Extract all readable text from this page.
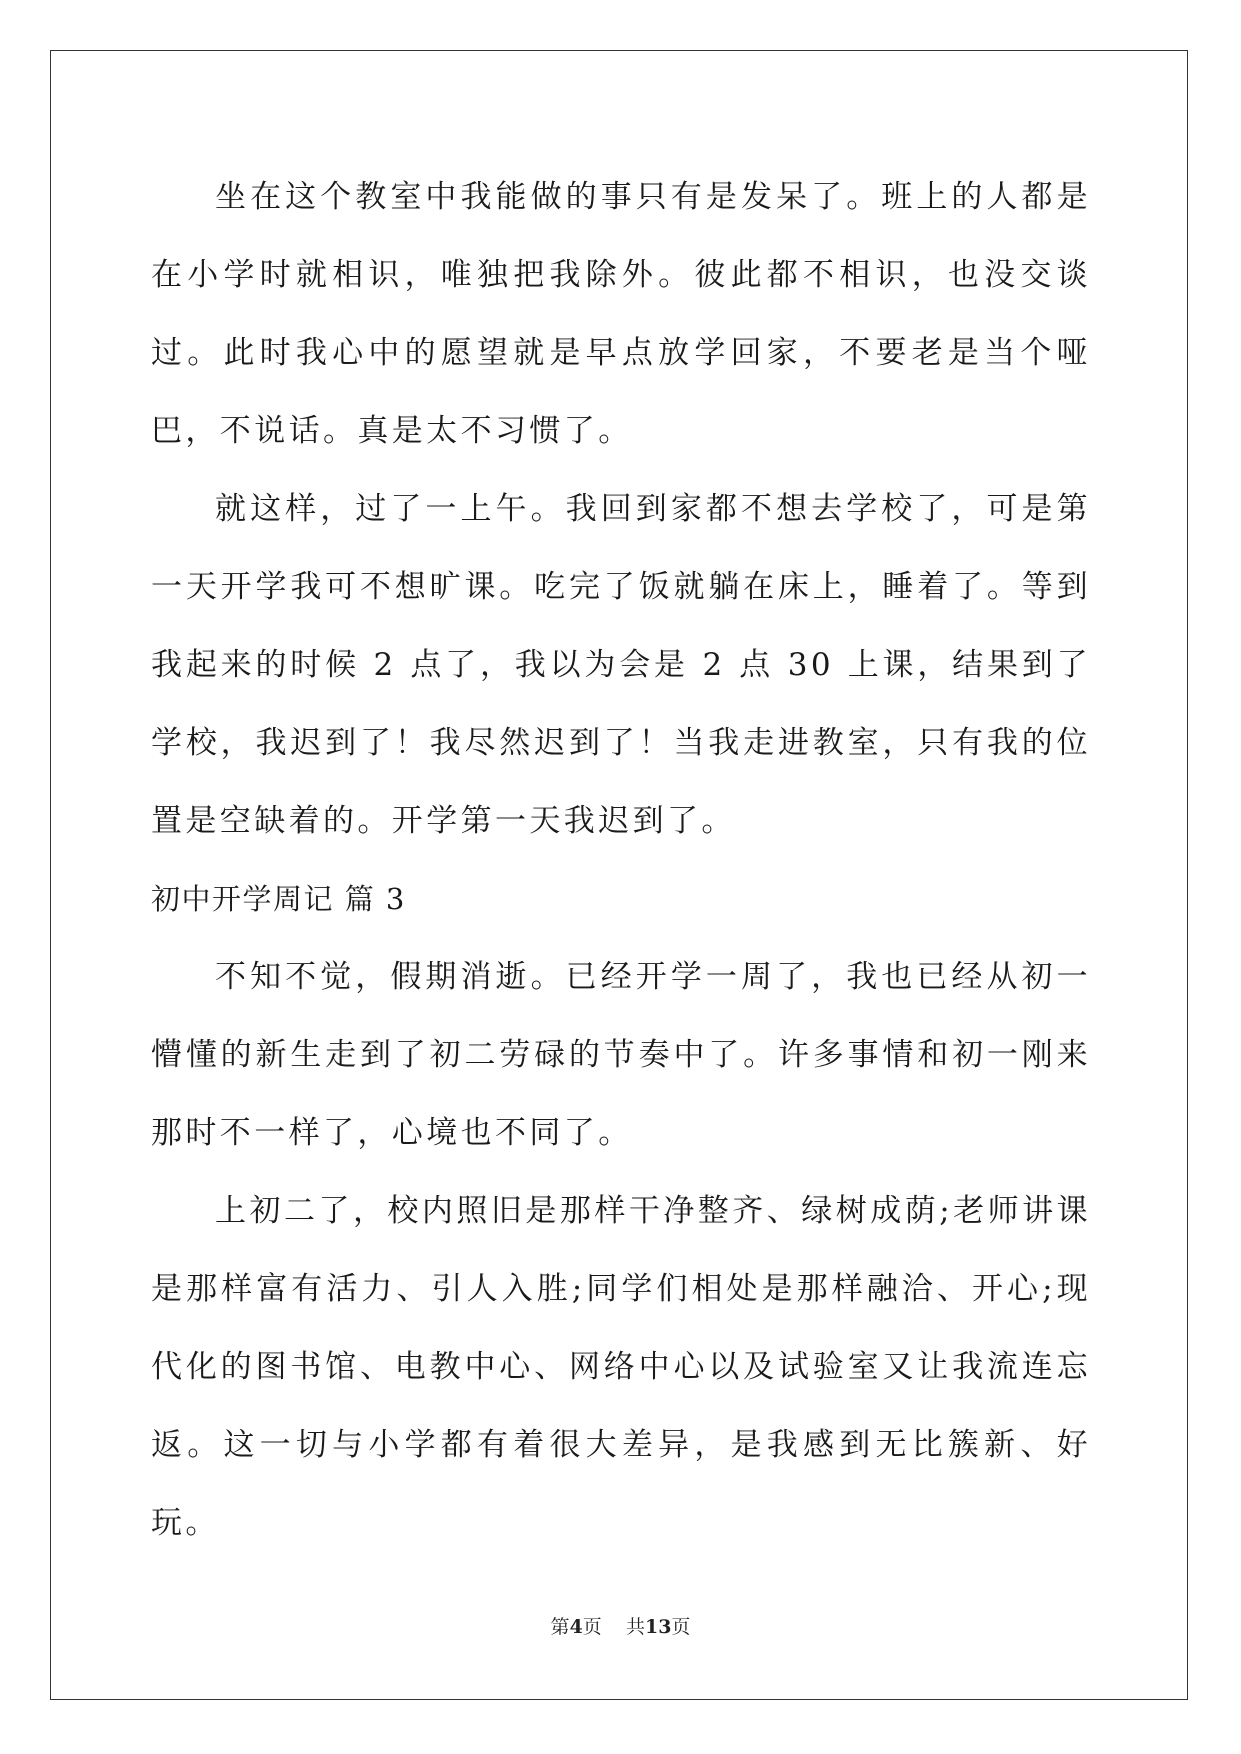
坐在这个教室中我能做的事只有是发呆了。班上的人都是在小学时就相识，唯独把我除外。彼此都不相识，也没交谈过。此时我心中的愿望就是早点放学回家，不要老是当个哑巴，不说话。真是太不习惯了。

就这样，过了一上午。我回到家都不想去学校了，可是第一天开学我可不想旷课。吃完了饭就躺在床上，睡着了。等到我起来的时候 2 点了，我以为会是 2 点 30 上课，结果到了学校，我迟到了！我尽然迟到了！当我走进教室，只有我的位置是空缺着的。开学第一天我迟到了。

初中开学周记 篇 3

不知不觉，假期消逝。已经开学一周了，我也已经从初一懵懂的新生走到了初二劳碌的节奏中了。许多事情和初一刚来那时不一样了，心境也不同了。

上初二了，校内照旧是那样干净整齐、绿树成荫;老师讲课是那样富有活力、引人入胜;同学们相处是那样融洽、开心;现代化的图书馆、电教中心、网络中心以及试验室又让我流连忘返。这一切与小学都有着很大差异，是我感到无比簇新、好玩。

第4页    共13页
